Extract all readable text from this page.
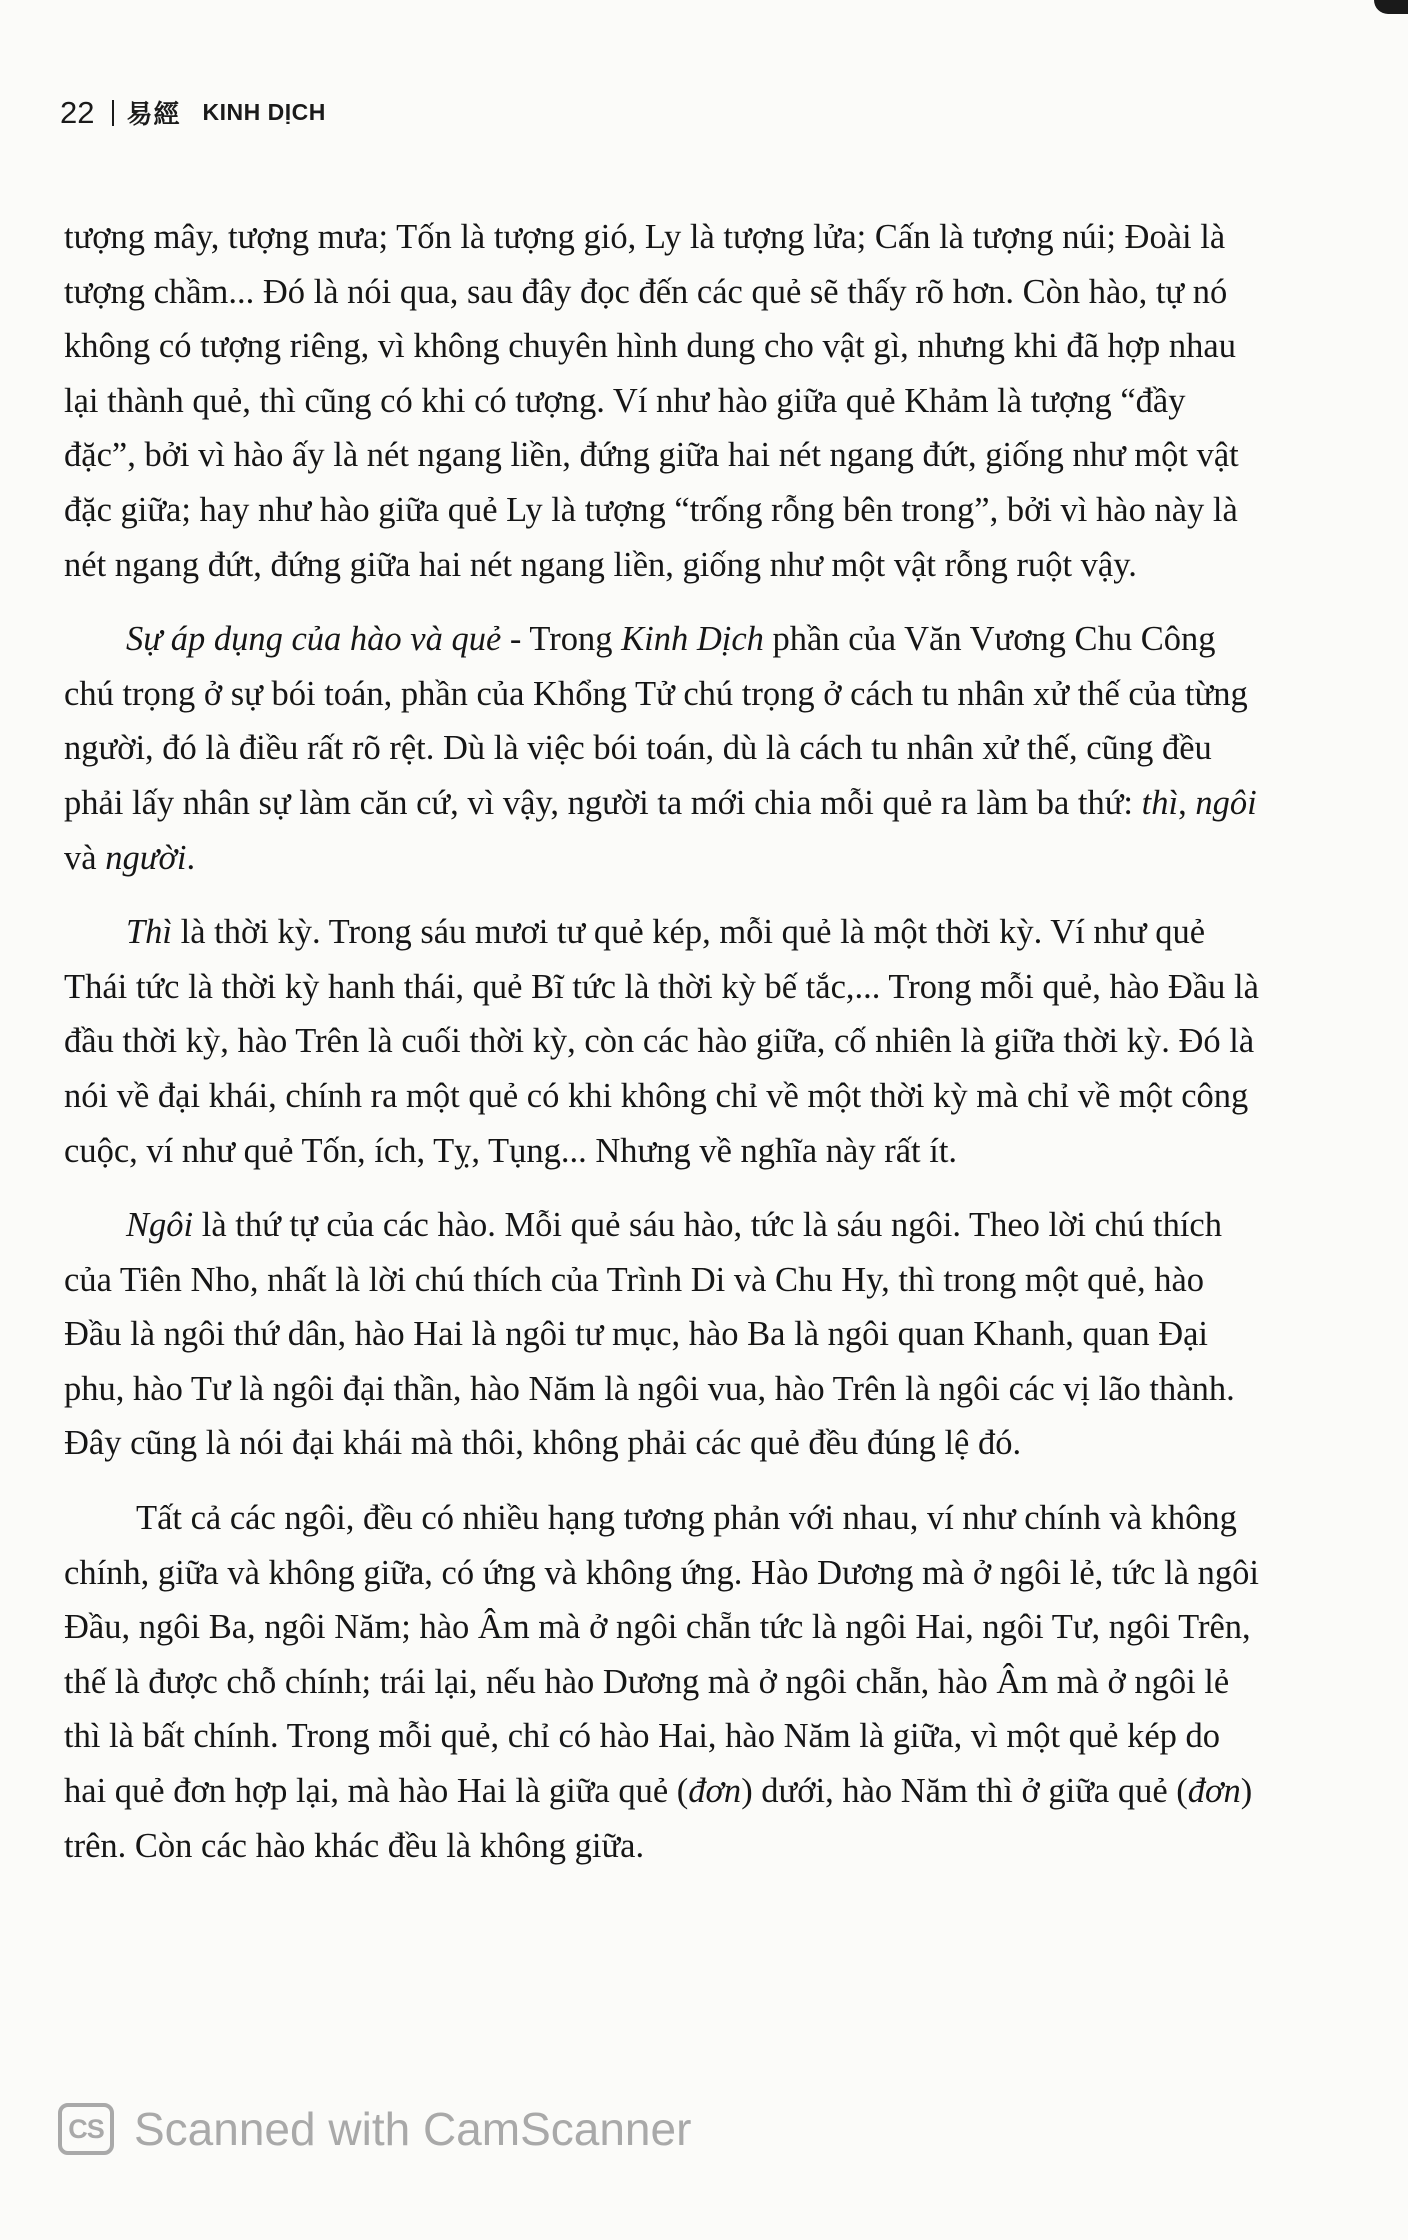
22 易經 KINH DỊCH

tượng mây, tượng mưa; Tốn là tượng gió, Ly là tượng lửa; Cấn là tượng núi; Đoài là tượng chầm... Đó là nói qua, sau đây đọc đến các quẻ sẽ thấy rõ hơn. Còn hào, tự nó không có tượng riêng, vì không chuyên hình dung cho vật gì, nhưng khi đã hợp nhau lại thành quẻ, thì cũng có khi có tượng. Ví như hào giữa quẻ Khảm là tượng “đầy đặc”, bởi vì hào ấy là nét ngang liền, đứng giữa hai nét ngang đứt, giống như một vật đặc giữa; hay như hào giữa quẻ Ly là tượng “trống rỗng bên trong”, bởi vì hào này là nét ngang đứt, đứng giữa hai nét ngang liền, giống như một vật rỗng ruột vậy.

Sự áp dụng của hào và quẻ - Trong Kinh Dịch phần của Văn Vương Chu Công chú trọng ở sự bói toán, phần của Khổng Tử chú trọng ở cách tu nhân xử thế của từng người, đó là điều rất rõ rệt. Dù là việc bói toán, dù là cách tu nhân xử thế, cũng đều phải lấy nhân sự làm căn cứ, vì vậy, người ta mới chia mỗi quẻ ra làm ba thứ: thì, ngôi và người.

Thì là thời kỳ. Trong sáu mươi tư quẻ kép, mỗi quẻ là một thời kỳ. Ví như quẻ Thái tức là thời kỳ hanh thái, quẻ Bĩ tức là thời kỳ bế tắc,... Trong mỗi quẻ, hào Đầu là đầu thời kỳ, hào Trên là cuối thời kỳ, còn các hào giữa, cố nhiên là giữa thời kỳ. Đó là nói về đại khái, chính ra một quẻ có khi không chỉ về một thời kỳ mà chỉ về một công cuộc, ví như quẻ Tốn, ích, Tỵ, Tụng... Nhưng về nghĩa này rất ít.

Ngôi là thứ tự của các hào. Mỗi quẻ sáu hào, tức là sáu ngôi. Theo lời chú thích của Tiên Nho, nhất là lời chú thích của Trình Di và Chu Hy, thì trong một quẻ, hào Đầu là ngôi thứ dân, hào Hai là ngôi tư mục, hào Ba là ngôi quan Khanh, quan Đại phu, hào Tư là ngôi đại thần, hào Năm là ngôi vua, hào Trên là ngôi các vị lão thành. Đây cũng là nói đại khái mà thôi, không phải các quẻ đều đúng lệ đó.

Tất cả các ngôi, đều có nhiều hạng tương phản với nhau, ví như chính và không chính, giữa và không giữa, có ứng và không ứng. Hào Dương mà ở ngôi lẻ, tức là ngôi Đầu, ngôi Ba, ngôi Năm; hào Âm mà ở ngôi chẵn tức là ngôi Hai, ngôi Tư, ngôi Trên, thế là được chỗ chính; trái lại, nếu hào Dương mà ở ngôi chẵn, hào Âm mà ở ngôi lẻ thì là bất chính. Trong mỗi quẻ, chỉ có hào Hai, hào Năm là giữa, vì một quẻ kép do hai quẻ đơn hợp lại, mà hào Hai là giữa quẻ (đơn) dưới, hào Năm thì ở giữa quẻ (đơn) trên. Còn các hào khác đều là không giữa.

CS Scanned with CamScanner
